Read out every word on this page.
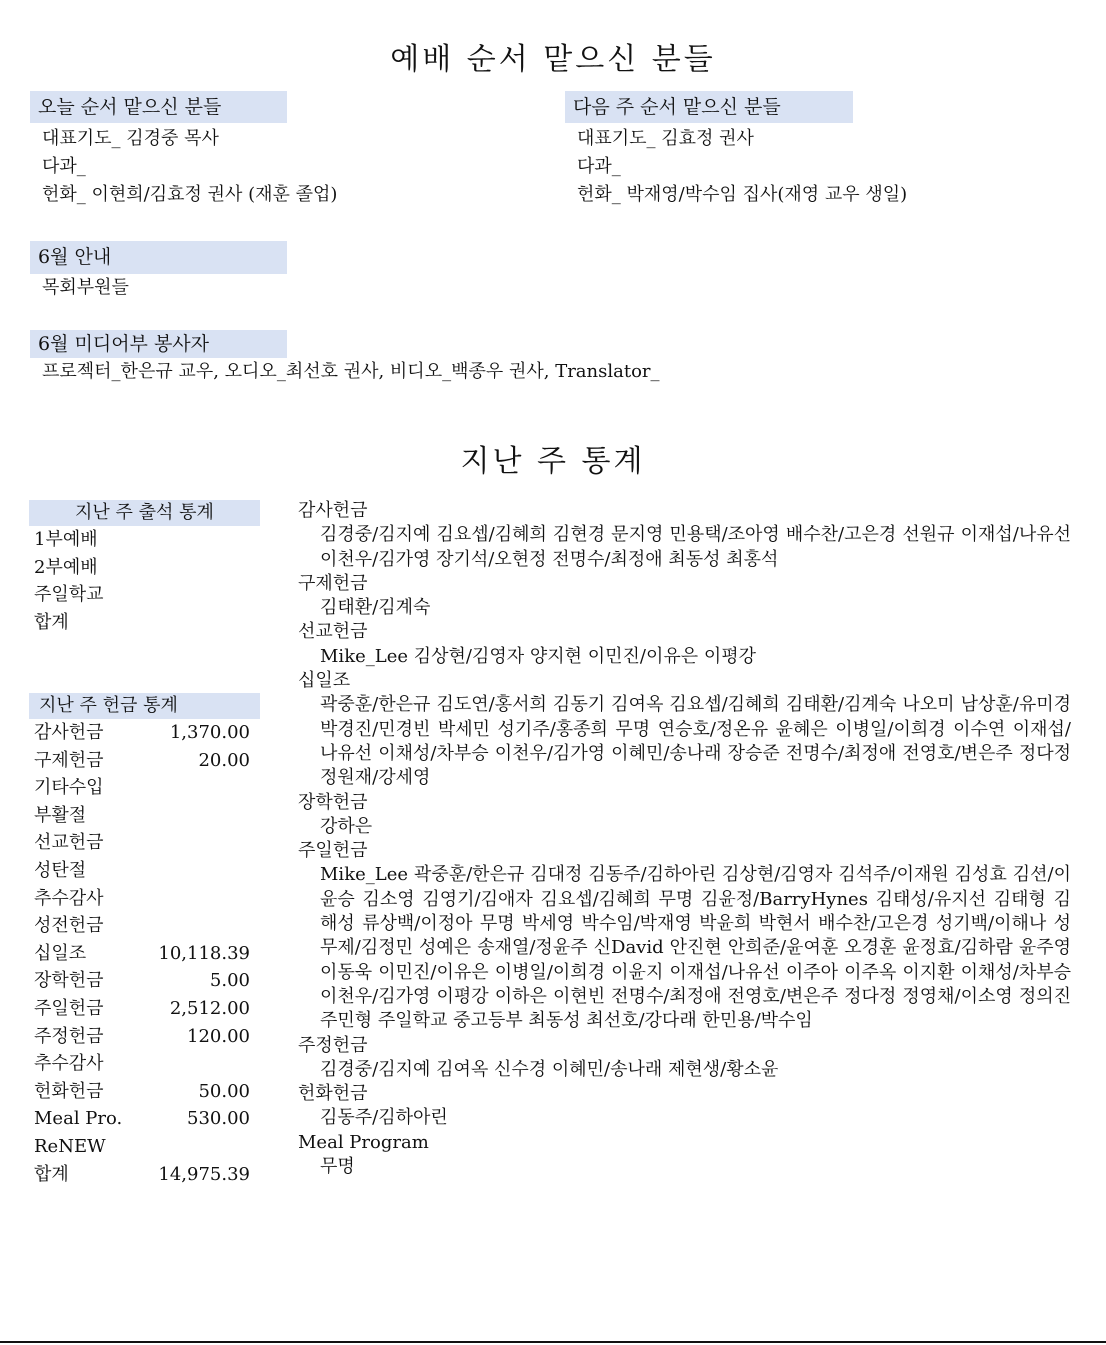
예배 순서 맡으신 분들
오늘 순서 맡으신 분들
대표기도_ 김경중 목사
다과_
헌화_ 이현희/김효정 권사 (재훈 졸업)
다음 주 순서 맡으신 분들
대표기도_ 김효정 권사
다과_
헌화_ 박재영/박수임 집사(재영 교우 생일)
6월 안내
목회부원들
6월 미디어부 봉사자
프로젝터_한은규 교우, 오디오_최선호 권사, 비디오_백종우 권사, Translator_
지난 주 통계
지난 주 출석 통계
1부예배
2부예배
주일학교
합계
지난 주 헌금 통계
감사헌금	1,370.00
구제헌금	20.00
기타수입
부활절
선교헌금
성탄절
추수감사
성전헌금
십일조	10,118.39
장학헌금	5.00
주일헌금	2,512.00
주정헌금	120.00
추수감사
헌화헌금	50.00
Meal Pro.	530.00
ReNEW
합계	14,975.39
감사헌금
김경중/김지예 김요셉/김혜희 김현경 문지영 민용택/조아영 배수찬/고은경 선원규 이재섭/나유선 이천우/김가영 장기석/오현정 전명수/최정애 최동성 최홍석
구제헌금
김태환/김계숙
선교헌금
Mike_Lee 김상현/김영자 양지현 이민진/이유은 이평강
십일조
곽중훈/한은규 김도연/홍서희 김동기 김여옥 김요셉/김혜희 김태환/김계숙 나오미 남상훈/유미경 박경진/민경빈 박세민 성기주/홍종희 무명 연승호/정온유 윤혜은 이병일/이희경 이수연 이재섭/나유선 이채성/차부승 이천우/김가영 이혜민/송나래 장승준 전명수/최정애 전영호/변은주 정다정 정원재/강세영
장학헌금
강하은
주일헌금
Mike_Lee 곽중훈/한은규 김대정 김동주/김하아린 김상현/김영자 김석주/이재원 김성효 김션/이윤승 김소영 김영기/김애자 김요셉/김혜희 무명 김윤정/BarryHynes 김태성/유지선 김태형 김해성 류상백/이정아 무명 박세영 박수임/박재영 박윤희 박현서 배수찬/고은경 성기백/이해나 성무제/김정민 성예은 송재열/정윤주 신David 안진현 안희준/윤여훈 오경훈 윤정효/김하람 윤주영 이동욱 이민진/이유은 이병일/이희경 이윤지 이재섭/나유선 이주아 이주옥 이지환 이채성/차부승 이천우/김가영 이평강 이하은 이현빈 전명수/최정애 전영호/변은주 정다정 정영채/이소영 정의진 주민형 주일학교 중고등부 최동성 최선호/강다래 한민용/박수임
주정헌금
김경중/김지예 김여옥 신수경 이혜민/송나래 제현생/황소윤
헌화헌금
김동주/김하아린
Meal Program
무명
